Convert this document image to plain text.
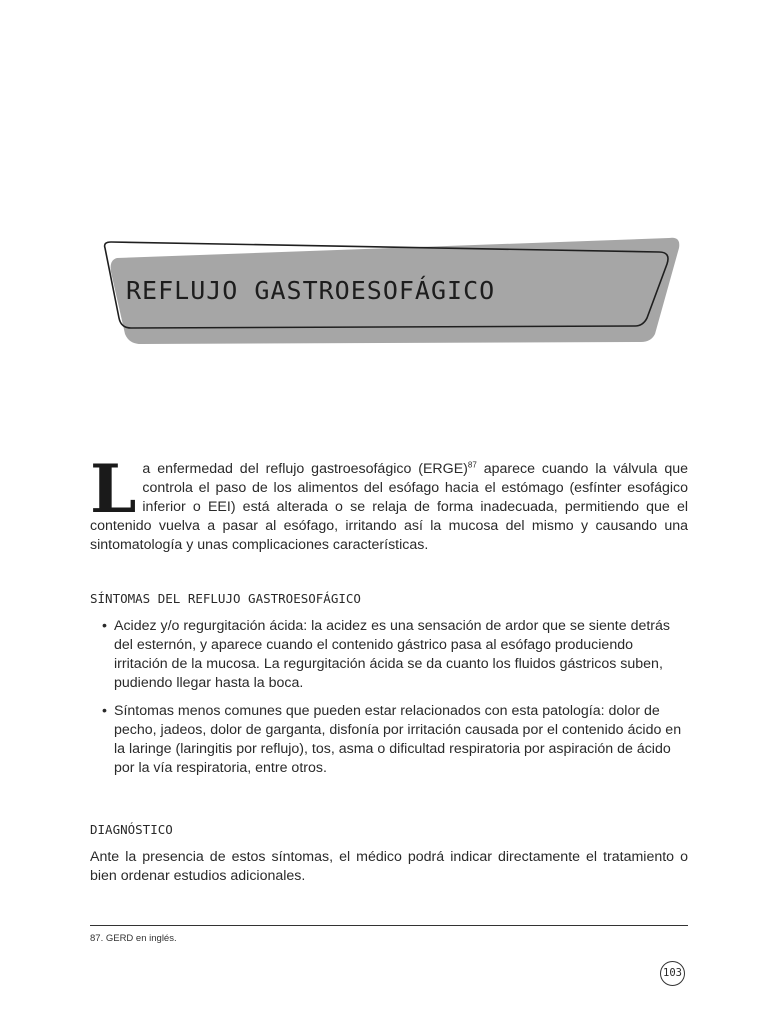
REFLUJO GASTROESOFÁGICO

La enfermedad del reflujo gastroesofágico (ERGE)$^{87}$ aparece cuando la válvula que controla el paso de los alimentos del esófago hacia el estómago (esfínter esofágico inferior o EEI) está alterada o se relaja de forma inadecuada, permitiendo que el contenido vuelva a pasar al esófago, irritando así la mucosa del mismo y causando una sintomatología y unas complicaciones características.

SÍNTOMAS DEL REFLUJO GASTROESOFÁGICO
• Acidez y/o regurgitación ácida: la acidez es una sensación de ardor que se siente detrás del esternón, y aparece cuando el contenido gástrico pasa al esófago produciendo irritación de la mucosa. La regurgitación ácida se da cuanto los fluidos gástricos suben, pudiendo llegar hasta la boca.
• Síntomas menos comunes que pueden estar relacionados con esta patología: dolor de pecho, jadeos, dolor de garganta, disfonía por irritación causada por el contenido ácido en la laringe (laringitis por reflujo), tos, asma o dificultad respiratoria por aspiración de ácido por la vía respiratoria, entre otros.
DIAGNÓSTICO

Ante la presencia de estos síntomas, el médico podrá indicar directamente el tratamiento o bien ordenar estudios adicionales.

87. GERD en inglés.
103
